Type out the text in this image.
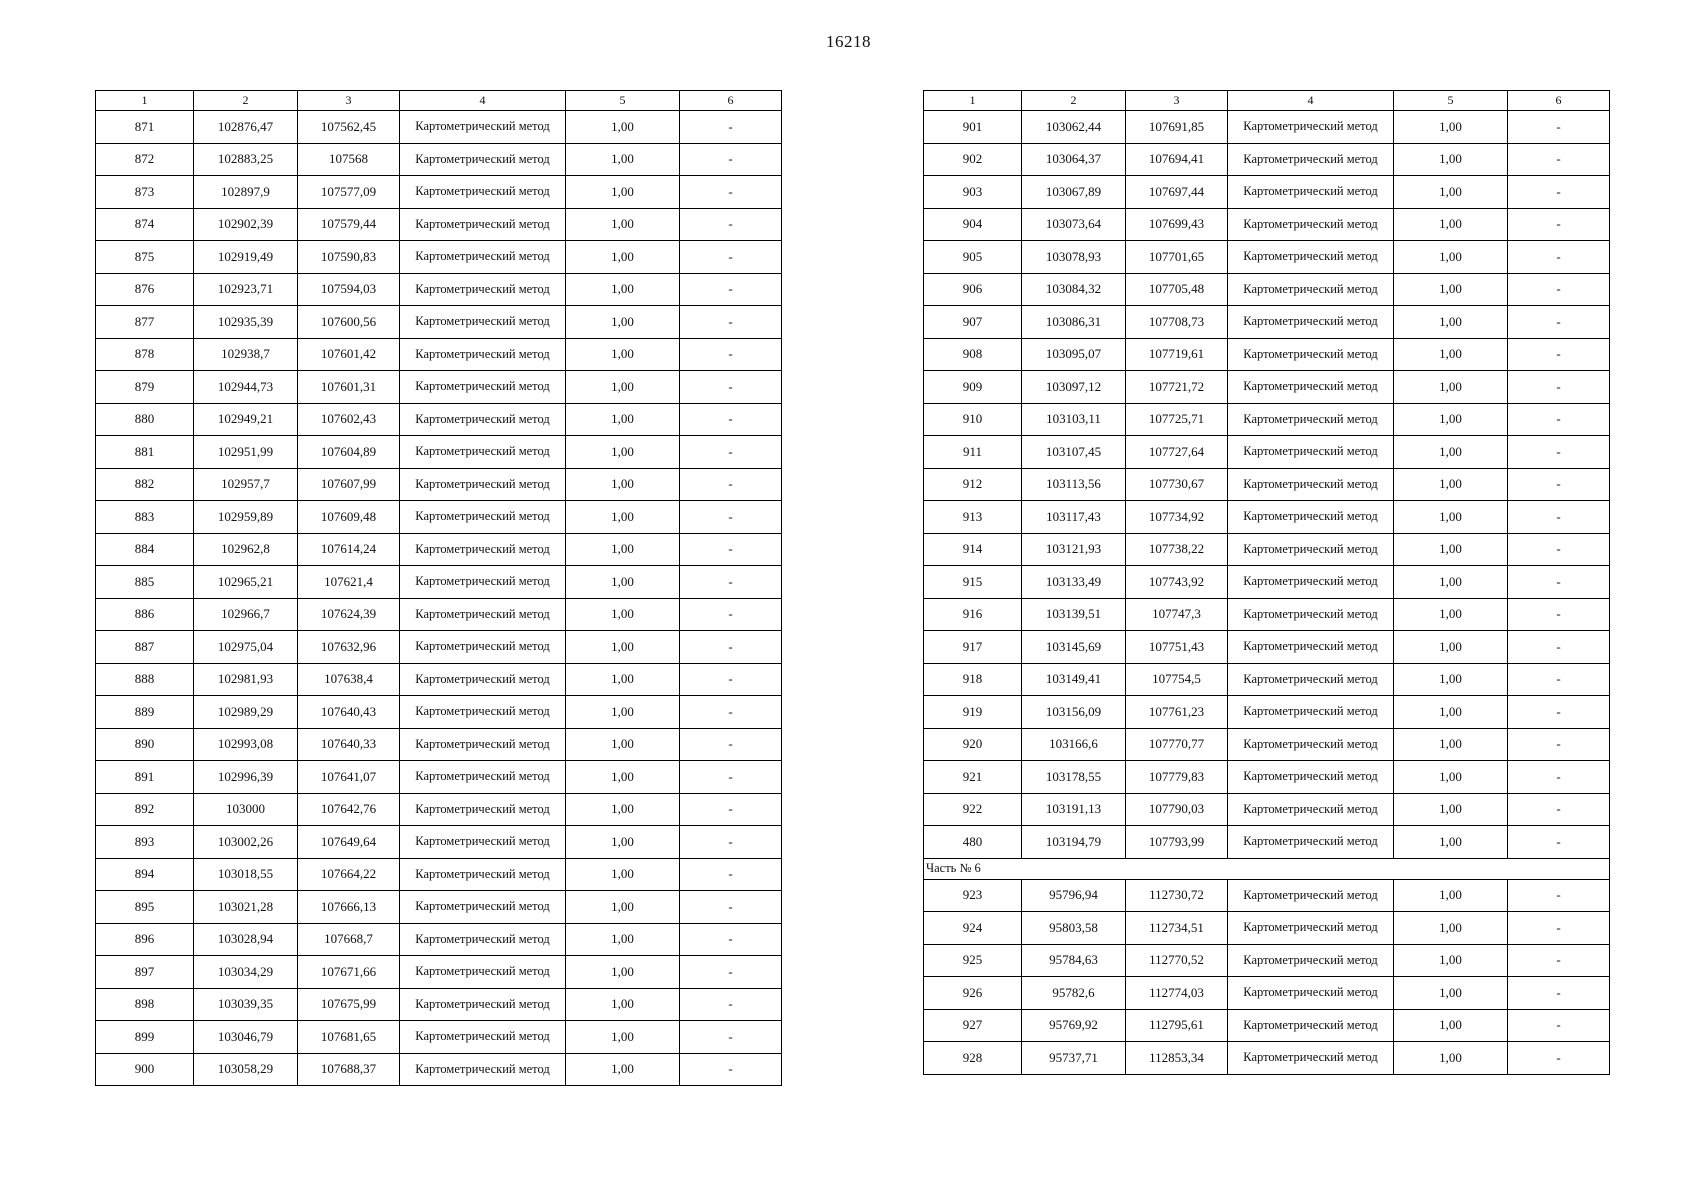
16218
1	2	3	4	5	6
871	102876,47	107562,45	Картометрический метод	1,00	-
872	102883,25	107568	Картометрический метод	1,00	-
873	102897,9	107577,09	Картометрический метод	1,00	-
874	102902,39	107579,44	Картометрический метод	1,00	-
875	102919,49	107590,83	Картометрический метод	1,00	-
876	102923,71	107594,03	Картометрический метод	1,00	-
877	102935,39	107600,56	Картометрический метод	1,00	-
878	102938,7	107601,42	Картометрический метод	1,00	-
879	102944,73	107601,31	Картометрический метод	1,00	-
880	102949,21	107602,43	Картометрический метод	1,00	-
881	102951,99	107604,89	Картометрический метод	1,00	-
882	102957,7	107607,99	Картометрический метод	1,00	-
883	102959,89	107609,48	Картометрический метод	1,00	-
884	102962,8	107614,24	Картометрический метод	1,00	-
885	102965,21	107621,4	Картометрический метод	1,00	-
886	102966,7	107624,39	Картометрический метод	1,00	-
887	102975,04	107632,96	Картометрический метод	1,00	-
888	102981,93	107638,4	Картометрический метод	1,00	-
889	102989,29	107640,43	Картометрический метод	1,00	-
890	102993,08	107640,33	Картометрический метод	1,00	-
891	102996,39	107641,07	Картометрический метод	1,00	-
892	103000	107642,76	Картометрический метод	1,00	-
893	103002,26	107649,64	Картометрический метод	1,00	-
894	103018,55	107664,22	Картометрический метод	1,00	-
895	103021,28	107666,13	Картометрический метод	1,00	-
896	103028,94	107668,7	Картометрический метод	1,00	-
897	103034,29	107671,66	Картометрический метод	1,00	-
898	103039,35	107675,99	Картометрический метод	1,00	-
899	103046,79	107681,65	Картометрический метод	1,00	-
900	103058,29	107688,37	Картометрический метод	1,00	-
1	2	3	4	5	6
901	103062,44	107691,85	Картометрический метод	1,00	-
902	103064,37	107694,41	Картометрический метод	1,00	-
903	103067,89	107697,44	Картометрический метод	1,00	-
904	103073,64	107699,43	Картометрический метод	1,00	-
905	103078,93	107701,65	Картометрический метод	1,00	-
906	103084,32	107705,48	Картометрический метод	1,00	-
907	103086,31	107708,73	Картометрический метод	1,00	-
908	103095,07	107719,61	Картометрический метод	1,00	-
909	103097,12	107721,72	Картометрический метод	1,00	-
910	103103,11	107725,71	Картометрический метод	1,00	-
911	103107,45	107727,64	Картометрический метод	1,00	-
912	103113,56	107730,67	Картометрический метод	1,00	-
913	103117,43	107734,92	Картометрический метод	1,00	-
914	103121,93	107738,22	Картометрический метод	1,00	-
915	103133,49	107743,92	Картометрический метод	1,00	-
916	103139,51	107747,3	Картометрический метод	1,00	-
917	103145,69	107751,43	Картометрический метод	1,00	-
918	103149,41	107754,5	Картометрический метод	1,00	-
919	103156,09	107761,23	Картометрический метод	1,00	-
920	103166,6	107770,77	Картометрический метод	1,00	-
921	103178,55	107779,83	Картометрический метод	1,00	-
922	103191,13	107790,03	Картометрический метод	1,00	-
480	103194,79	107793,99	Картометрический метод	1,00	-
Часть № 6					
923	95796,94	112730,72	Картометрический метод	1,00	-
924	95803,58	112734,51	Картометрический метод	1,00	-
925	95784,63	112770,52	Картометрический метод	1,00	-
926	95782,6	112774,03	Картометрический метод	1,00	-
927	95769,92	112795,61	Картометрический метод	1,00	-
928	95737,71	112853,34	Картометрический метод	1,00	-
